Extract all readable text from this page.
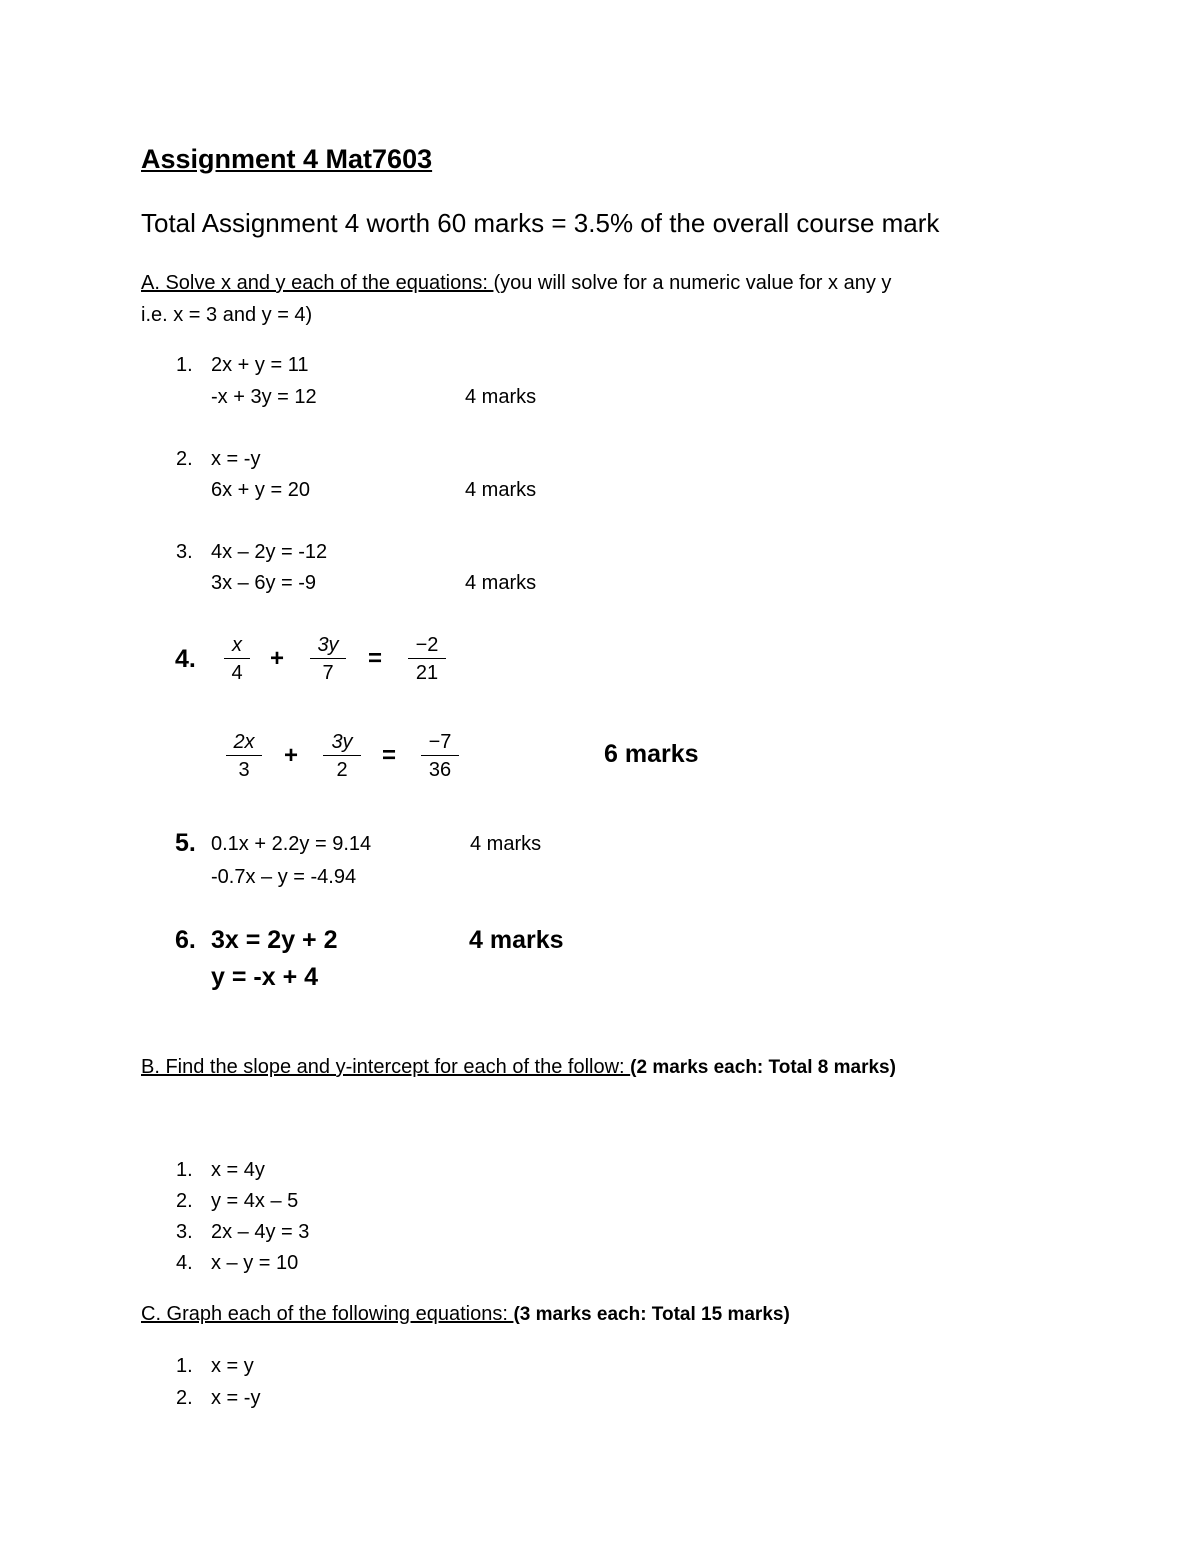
Assignment 4 Mat7603
Total Assignment 4 worth 60 marks = 3.5% of the overall course mark
A. Solve x and y each of the equations: (you will solve for a numeric value for x any y
i.e. x = 3 and y = 4)
1. 2x + y = 11
-x + 3y = 12	4 marks
2. x = -y
6x + y = 20	4 marks
3. 4x – 2y = -12
3x – 6y = -9	4 marks
4. $\frac{x}{4} + \frac{3y}{7} = \frac{-2}{21}$
$\frac{2x}{3} + \frac{3y}{2} = \frac{-7}{36}$	6 marks
5. 0.1x + 2.2y = 9.14
-0.7x – y = -4.94
4 marks
6. 3x = 2y + 2
y = -x + 4
4 marks
B. Find the slope and y-intercept for each of the follow: (2 marks each: Total 8 marks)
1. x = 4y
2. y = 4x – 5
3. 2x – 4y = 3
4. x – y = 10
C. Graph each of the following equations: (3 marks each: Total 15 marks)
1. x = y
2. x = -y
